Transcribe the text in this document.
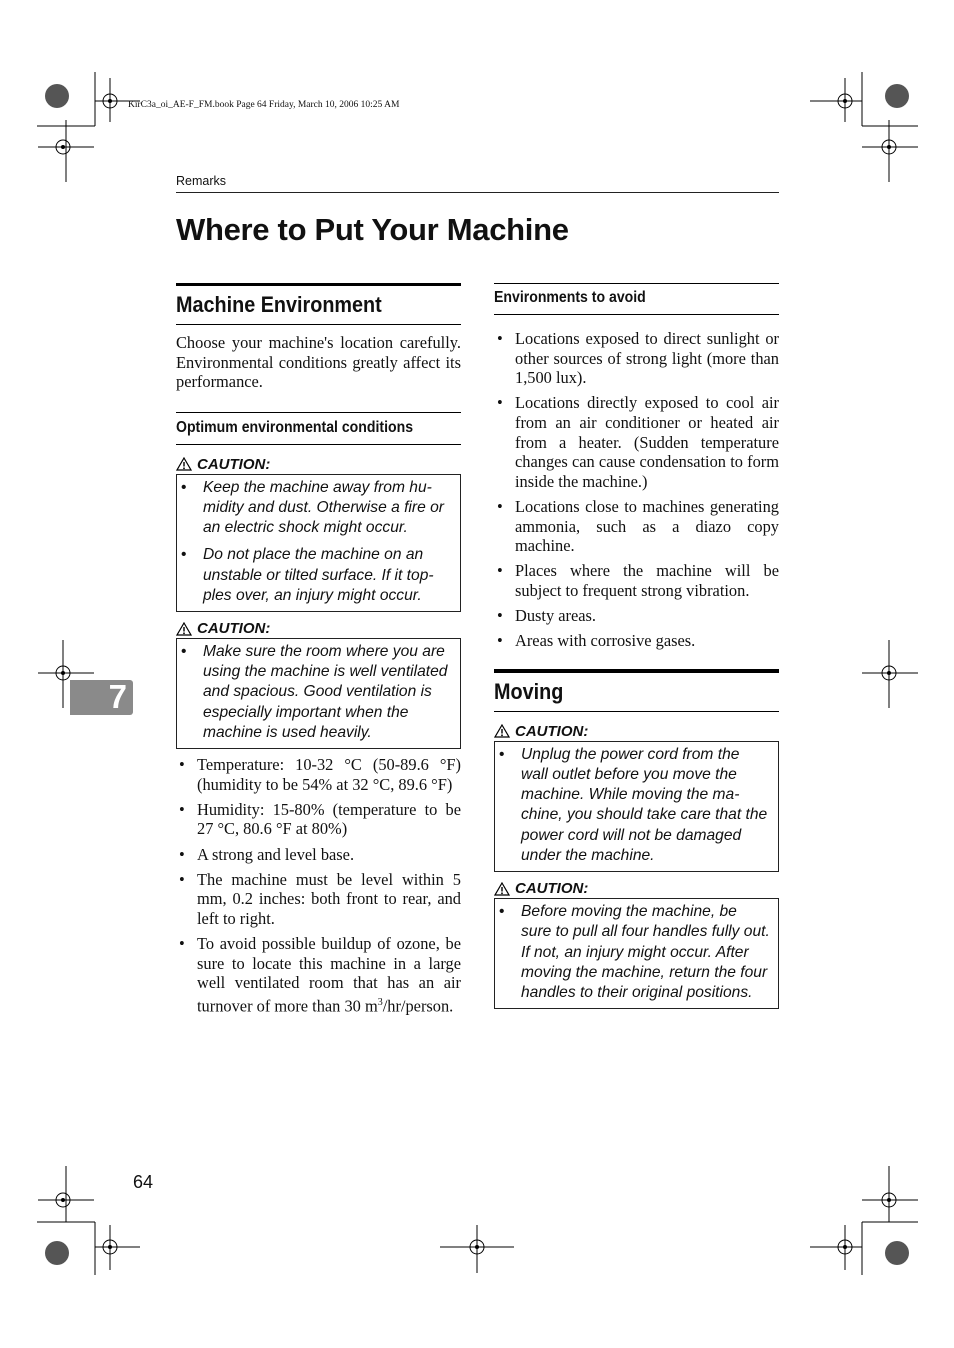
KirC3a_oi_AE-F_FM.book Page 64 Friday, March 10, 2006 10:25 AM
Remarks
Where to Put Your Machine
7
64
Machine Environment

Choose your machine's location carefully. Environmental conditions greatly affect its performance.

Optimum environmental conditions
CAUTION:
•	Keep the machine away from humidity and dust. Otherwise a fire or an electric shock might occur.
•	Do not place the machine on an unstable or tilted surface. If it topples over, an injury might occur.
CAUTION:
•	Make sure the room where you are using the machine is well ventilated and spacious. Good ventilation is especially important when the machine is used heavily.
• Temperature: 10-32 °C (50-89.6 °F) (humidity to be 54% at 32 °C, 89.6 °F)
• Humidity: 15-80% (temperature to be 27 °C, 80.6 °F at 80%)
• A strong and level base.
• The machine must be level within 5 mm, 0.2 inches: both front to rear, and left to right.
• To avoid possible buildup of ozone, be sure to locate this machine in a large well ventilated room that has an air turnover of more than 30 $m^3/hr$/person.
Environments to avoid
• Locations exposed to direct sunlight or other sources of strong light (more than 1,500 lux).
• Locations directly exposed to cool air from an air conditioner or heated air from a heater. (Sudden temperature changes can cause condensation to form inside the machine.)
• Locations close to machines generating ammonia, such as a diazo copy machine.
• Places where the machine will be subject to frequent strong vibration.
• Dusty areas.
• Areas with corrosive gases.
Moving
CAUTION:
•	Unplug the power cord from the wall outlet before you move the machine. While moving the machine, you should take care that the power cord will not be damaged under the machine.
CAUTION:
•	Before moving the machine, be sure to pull all four handles fully out. If not, an injury might occur. After moving the machine, return the four handles to their original positions.
